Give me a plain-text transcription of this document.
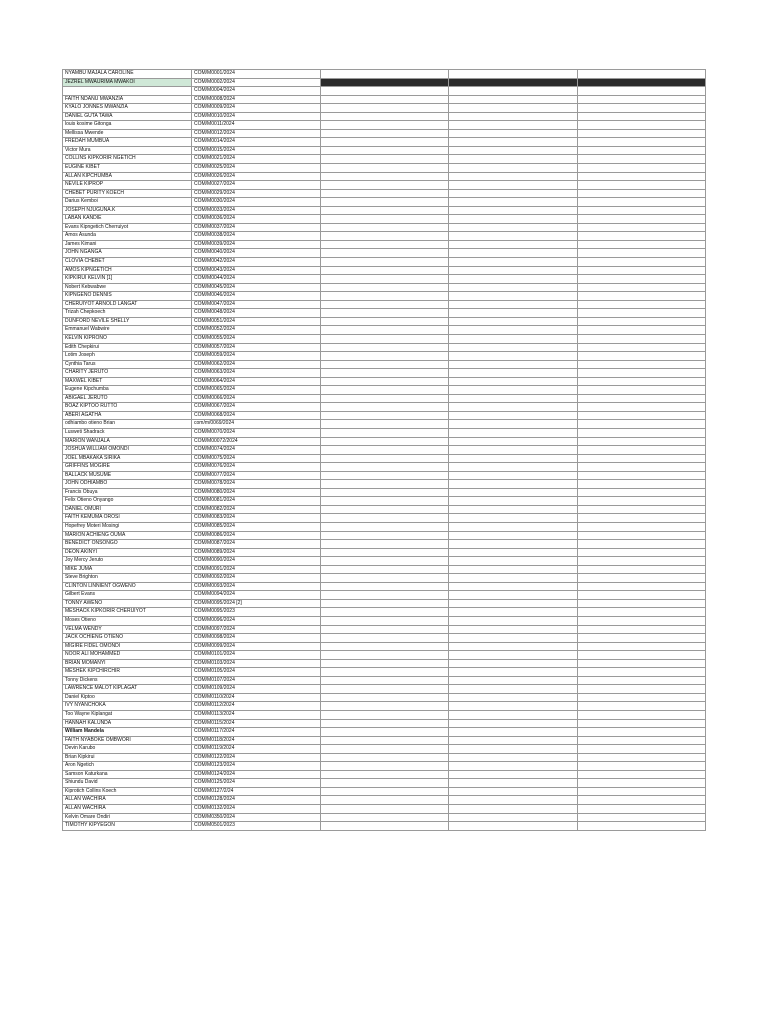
NYAMBU MAJALA CAROLINE	COM/M0001/2024			
JEZREL MWAURIMA MWAKOI	COM/M0002/2024			
	COM/M0004/2024			
FAITH NDANU MWANZIA	COM/M0008/2024			
KYALO JONNES MWANZIA	COM/M0009/2024			
DANIEL GUTA TAWA	COM/M0010/2024			
louis kosime Gitonga	COM/M0011/2024			
Mellissa Mwende	COM/M0012/2024			
FREDAH MUMBUA	COM/M0014/2024			
Victor Mura	COM/M0015/2024			
COLLINS KIPKORIR NGETICH	COM/M0021/2024			
EUGINE KIBET	COM/M0025/2024			
ALLAN KIPCHUMBA	COM/M0026/2024			
NEVILE KIPROP	COM/M0027/2024			
CHEBET PURITY KOECH	COM/M0029/2024			
Darius Kemboi	COM/M0030/2024			
JOSEPH NJUGUNA.K	COM/M0033/2024			
LABAN KANDIE	COM/M0036/2024			
Evans Kipngetich Cherruiyot	COM/M0037/2024			
Amos Asunda	COM/M0038/2024			
James Kimani	COM/M0039/2024			
JOHN NGANGA	COM/M0040/2024			
CLOVIA CHEBET	COM/M0042/2024			
AMOS KIPNGETICH	COM/M0043/2024			
KIPKIRUI KELVIN [1]	COM/M0044/2024			
Nobert Kebwabwe	COM/M0045/2024			
KIPNGENO DENNIS	COM/M0046/2024			
CHERUIYOT ARNOLD LANGAT	COM/M0047/2024			
Trizah Chepkoech	COM/M0048/2024			
DUNFORD NEVILE SHELLY	COM/M0051/2024			
Emmanuel Wabwire	COM/M0052/2024			
KELVIN KIPRONO	COM/M0055/2024			
Edith Chepkirui	COM/M0057/2024			
Lotim Joseph	COM/M0059/2024			
Cynthia Tarus	COM/M0062/2024			
CHARITY JERUTO	COM/M0063/2024			
MAXWEL KIBET	COM/M0064/2024			
Eugene Kipchumba	COM/M0065/2024			
ABIGAEL JERUTO	COM/M0066/2024			
BOAZ KIPTOO RUTTO	COM/M0067/2024			
ABERI AGATHA	COM/M0068/2024			
odhiambo otieno Brian	com/m/0069/2024			
Lusweti Shadrack	COM/M0070/2024			
MARION WANJALA	COM/M00072/2024			
JOSHUA WILLIAM OMONDI	COM/M0074/2024			
JOEL MBAKAKA SIRIKA	COM/M0075/2024			
GRIFFINS MOGIRE	COM/M0076/2024			
BALLACK MUSUME	COM/M0077/2024			
JOHN ODHIAMBO	COM/M0078/2024			
Francis Obuya	COM/M0080/2024			
Felix Otieno Onyango	COM/M0081/2024			
DANIEL OMURI	COM/M0082/2024			
FAITH KEMUMA OROSI	COM/M0083/2024			
Hopefrey Moteri Mosingi	COM/M0085/2024			
MARION ACHIENG OUMA	COM/M0086/2024			
BENEDICT ONSONGO	COM/M0087/2024			
DEON AKINYI	COM/M0089/2024			
Joy Mercy Jeruto	COM/M0090/2024			
MIKE JUMA	COM/M0091/2024			
Steve Brighton	COM/M0092/2024			
CLINTON LINNIENT OGWENO	COM/M0093/2024			
Gilbert Evans	COM/M0094/2024			
TONNY AWENO	COM/M0095/2024 [2]			
MESHACK KIPKORIR CHERUIYOT	COM/M0095/2023			
Moses Otieno	COM/M0096/2024			
VELMA WENDY	COM/M0097/2024			
JACK OCHIENG OTIENO	COM/M0098/2024			
MIGIRE FIDEL OMONDI	COM/M0099/2024			
NOOR ALI MOHAMMED	COM/M0101/2024			
BRIAN MOMANYI	COM/M0103/2024			
MESHEK KIPCHIRCHIR	COM/M0105/2024			
Tonny Dickens	COM/M0107/2024			
LAWRENCE MALOT KIPLAGAT	COM/M0109/2024			
Daniel Kiptoo	COM/M0110/2024			
IVY NYANCHOKA	COM/M0112/2024			
Too Wayne Kiplangat	COM/M0113/2024			
HANNAH KALUNDA	COM/M0115/2024			
William Mandela	COM/M0117/2024			
FAITH NYABOKE OMBWORI	COM/M0118/2024			
Devin Karubo	COM/M0119/2024			
Brian Kipkirui	COM/M0122/2024			
Aron Ngetich	COM/M0123/2024			
Samson Katurkana	COM/M0124/2024			
Shiundu David	COM/M0125/2024			
Kiprotich Collins Koech	COM/M0127/2/24			
ALLAN WACHIRA	COM/M0128/2024			
ALLAN WACHIRA	COM/M0132/2024			
Kelvin Omare Ondiri	COM/M0350/2024			
TIMOTHY KIPYEGON	COM/M0501/2023			
